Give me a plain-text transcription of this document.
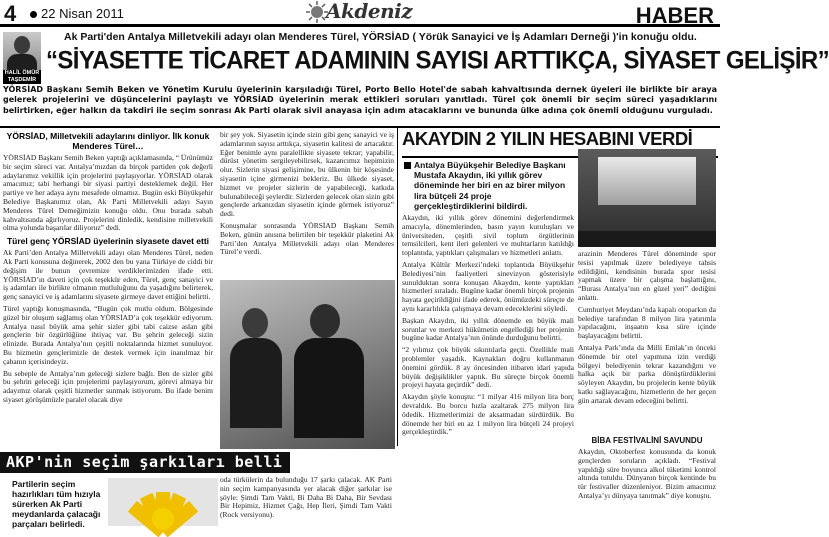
4 22 Nisan 2011	Akdeniz	HABER
Ak Parti'den Antalya Milletvekili adayı olan Menderes Türel, YÖRSİAD ( Yörük Sanayici ve İş Adamları Derneği )'in konuğu oldu.
HALİL ÖMÜR TAŞDEMİR
“SİYASETTE TİCARET ADAMININ SAYISI ARTTIKÇA, SİYASET GELİŞİR”
YÖRSİAD Başkanı Semih Beken ve Yönetim Kurulu üyelerinin karşıladığı Türel, Porto Bello Hotel'de sabah kahvaltısında dernek üyeleri ile birlikte bir araya gelerek projelerini ve düşüncelerini paylaştı ve YÖRSİAD üyelerinin merak ettikleri soruları yanıtladı. Türel çok önemli bir seçim süreci yaşadıklarını belirtirken, eğer halkın da takdiri ile seçim sonrası Ak Parti olarak sivil anayasa için adım atacaklarını ve bununda ülke adına çok önemli olduğunu vurguladı.

YÖRSİAD, Milletvekili adaylarını dinliyor. İlk konuk Menderes Türel…

YÖRSİAD Başkanı Semih Beken yaptığı açıklamasında, “ Ürünümüz bir seçim süreci var. Antalya’mızdan da birçok partiden çok değerli adaylarımız vekillik için projelerini paylaşıyorlar. YÖRSİAD olarak amacımız; tabi herhangi bir siyasi partiyi desteklemek değil. Her partiye ve her adaya aynı mesafede olmamız. Bugün eski Büyükşehir Belediye Başkanımız olan, Ak Parti Milletvekili adayı Sayın Menderes Türel Demeğimizin konuğu oldu. Onu burada sabah kahvaltısında ağırlıyoruz. Projelerini dinledik, kendisine milletvekili olma yolunda başarılar diliyoruz” dedi.

Türel genç YÖRSİAD üyelerinin siyasete davet etti

Ak Parti’den Antalya Milletvekili adayı olan Menderes Türel, neden Ak Parti konusuna değinerek, 2002 den bu yana Türkiye de ciddi bir değişim ile bunun çevremize verdiklerimizden ifade etti. YÖRSİAD’ın daveti için çok teşekkür eden, Türel, genç sanayici ve iş adamları ile birlikte olmanın mutluluğunu da yaşadığını belirterek, genç sanayici ve iş adamlarını siyasete girmeye davet ettiğini belirtti.

Türel yaptığı konuşmasında, “Bugün çok mutlu oldum. Bölgesinde güzel bir oluşum sağlamış olan YÖRSİAD’a çok teşekkür ediyorum. Antalya nasıl büyük ama şehir sizler gibi tabi caizse aslan gibi gençlerin bir özgürlüğüne ihtiyaç var. Bu şehrin geleceği sizin elinizde. Burada Antalya’nın çeşitli noktalarında hizmet sunuluyor. Bu hizmetin gençlerimizle de destek vermek için inanılmaz bir çabanın içerisindeyiz.

Bu sebeple de Antalya’nın geleceği sizlere bağlı. Ben de sizler gibi bu şehrin geleceği için projelerimi paylaşıyorum, görevi almaya bir adayımız olarak çeşitli hizmetler sunmak istiyorum. Bu ifade benim siyaset görüşümüzle paralel olacak diye

bir şey yok. Siyasetin içinde sizin gibi genç sanayici ve iş adamlarının sayısı arttıkça, siyasetin kalitesi de artacaktır. Eğer benimle aynı paralellikte siyasete tekrar; yapabilir, dürüst yönetim sergileyebilirsek, kazancımız hepimizin olur. Sizlerin siyasi gelişimine, bu ülkenin bir köşesinde siyasetin içine girmenizi bekleriz. Bu ülkede siyaset, hizmet ve projeler sizlerin de yapabileceği, katkıda bulunabileceği şeylerdir. Sizlerden gelecek olan sizin gibi gençlerde arkanızdan siyasetin içinde görmek istiyoruz” dedi.

Konuşmalar sonrasında YÖRSİAD Başkanı Semih Beken, günün anısına belirtilen bir teşekkür plaketini Ak Parti’den Antalya Milletvekili adayı olan Menderes Türel’e verdi.

AKAYDIN 2 YILIN HESABINI VERDİ
Antalya Büyükşehir Belediye Başkanı Mustafa Akaydın, iki yıllık görev döneminde her biri en az birer milyon lira bütçeli 24 proje gerçekleştirdiklerini bildirdi.

Akaydın, iki yıllık görev dönemini değerlendirmek amacıyla, dönemlerinden, basın yayın kuruluşları ve üniversiteden, çeşitli sivil toplum örgütlerinin temsilcileri, kent ileri gelenleri ve muhtarların katıldığı toplantıda, yaptıkları çalışmaları ve hizmetleri anlattı.

Antalya Kültür Merkezi’ndeki toplantıda Büyükşehir Belediyesi’nin faaliyetleri sinevizyon gösterisiyle sunulduktan sonra konuşan Akaydın, kente yaptıkları hizmetleri sıraladı. Bugüne kadar önemli birçok projenin hayata geçirildiğini ifade ederek, önümüzdeki süreçte de aynı kararlılıkla çalışmaya devam edeceklerini söyledi.

Başkan Akaydın, iki yıllık dönemde en büyük mali sorunlar ve merkezi hükümetin engellediği her projenin bugüne kadar Antalya’nın önünde durduğunu belirtti.

“2 yılımız çok büyük sıkıntılarla geçti. Özellikle mali problemler yaşadık. Kaynakları doğru kullanmanın önemini gördük. 8 ay öncesinden itibaren idari yapıda büyük değişiklikler yaptık. Bu süreçte birçok önemli projeyi hayata geçirdik” dedi.

Akaydın şöyle konuştu: “1 milyar 416 milyon lira borç devraldık. Bu borcu hızla azaltarak 275 milyon lira ödedik. Hizmetlerimizi de aksatmadan sürdürdük. Bu dönemde her biri en az 1 milyon lira bütçeli 24 projeyi gerçekleştirdik.”

arazinin Menderes Türel döneminde spor tesisi yapılmak üzere belediyeye tahsis edildiğini, kendisinin burada spor tesisi yapmak üzere bir çalışma başlattığını, “Burası Antalya’nın en güzel yeri” dediğini anlattı.

Cumhuriyet Meydanı’nda kapalı otoparkın da belediye tarafından 8 milyon lira yatırımla yapılacağını, inşaatın kısa süre içinde başlayacağını belirtti.

Antalya Park’ında da Milli Emlak’ın önceki dönemde bir otel yapımına izin verdiği bölgeyi belediyenin tekrar kazandığını ve halka açık bir parka dönüştürdüklerini söyleyen Akaydın, bu projelerin kente büyük katkı sağlayacağını, hizmetlerin de her geçen gün artarak devam edeceğini belirtti.

BİBA FESTİVALİNİ SAVUNDU

Akaydın, Oktoberfest konusunda da konuk gençlerden soruların açıkladı. “Festival yapıldığı süre boyunca alkol tüketimi kontrol altında tutuldu. Dünyanın birçok kentinde bu tür festivaller düzenleniyor. Bizim amacımız Antalya’yı dünyaya tanıtmak” diye konuştu.

AKP'nin seçim şarkıları belli oldu
Partilerin seçim hazırlıkları tüm hızıyla sürerken Ak Parti meydanlarda çalacağı parçaları belirledi.

oda türkülerin da bulunduğu 17 şarkı çalacak. AK Parti nin seçim kampanyasında yer alacak diğer şarkılar ise şöyle: Şimdi Tam Vakti, Bi Daha Bi Daha, Bir Sevdası Bir Hepimiz, Hizmet Çağı, Hep İleri, Şimdi Tam Vakti (Rock versiyonu).
